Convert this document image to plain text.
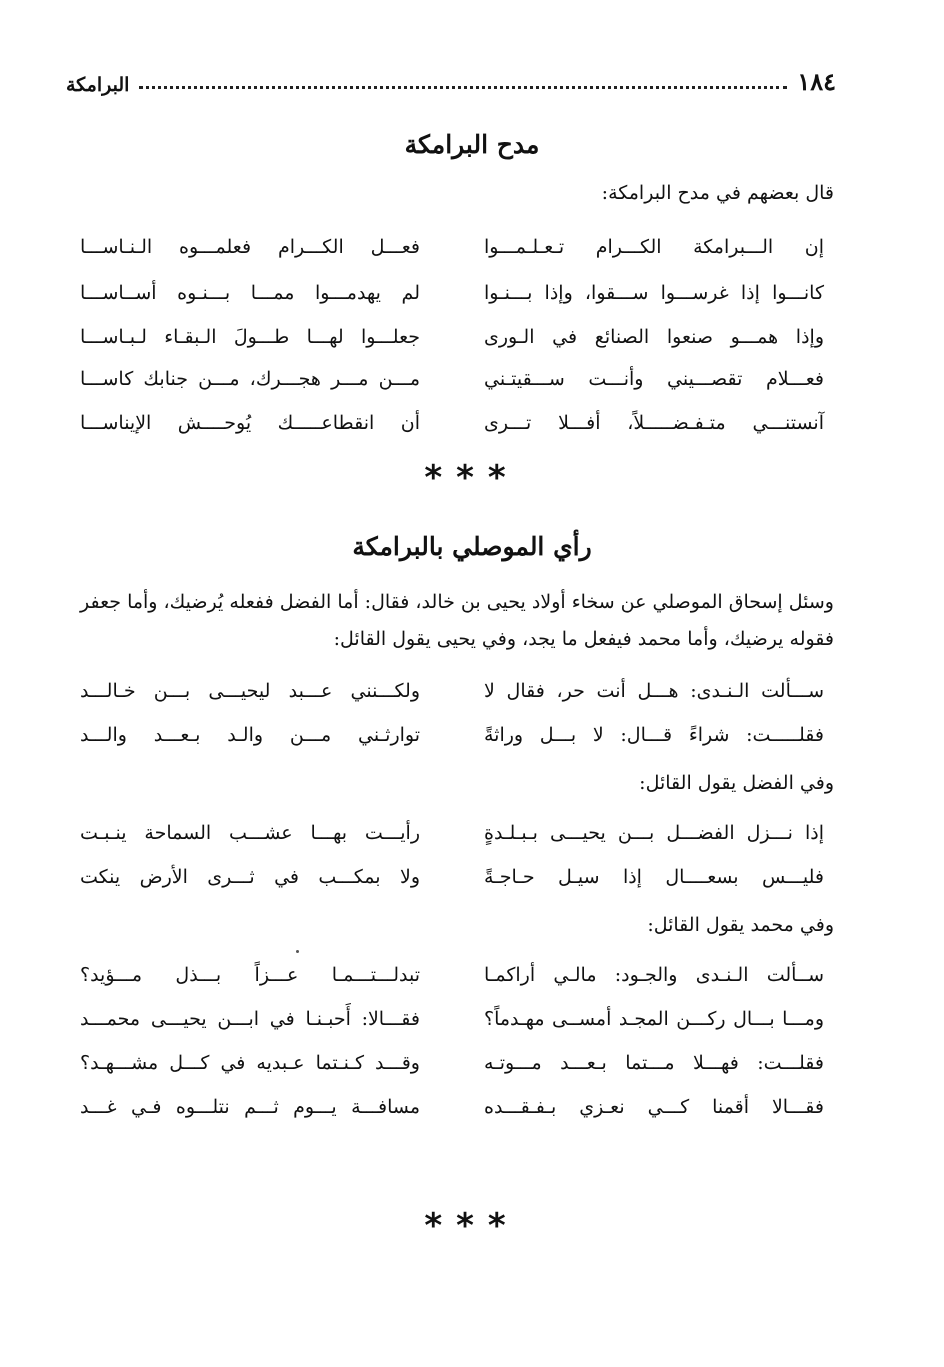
١٨٤
البرامكة
مدح البرامكة
قال بعضهم في مدح البرامكة:
إن الـــبرامكة الكـــرام تـعـلـمـــوا
فعـــل الكـــرام فعلمـــوه الـنـاســـا
كانـــوا إذا غرســـوا ســـقوا، وإذا بـــنـوا
لم يهدمـــوا ممـــا بـــنـوه أســاســـا
وإذا همـــو صنعوا الصنائع في الـورى
جعلـــوا لهـــا طـــولَ الـبقـاء لـبـاســـا
فعـــلام تقصـــيني وأنـــت ســـقيتـني
مـــن مـــر هجـــرك، مـــن جنابك كاســـا
آنستنـــي متـفـضـــــلاً، أفـــلا تـــرى
أن انقطاعـــــك يُوحــــش الإيناســـا
***
رأي الموصلي بالبرامكة

وسئل إسحاق الموصلي عن سخاء أولاد يحيى بن خالد، فقال: أما الفضل ففعله يُرضيك، وأما جعفر فقوله يرضيك، وأما محمد فيفعل ما يجد، وفي يحيى يقول القائل:

ســـألت الـنـدى: هـــل أنت حر، فقال لا
ولكـــنني عـــبد ليحيـــى بـــن خـالـــد
فقلـــــت: شراءً قـــال: لا بـــل وراثةً
توارثـني مـــن والـد بـعـــد والـــد
وفي الفضل يقول القائل:
إذا نـــزل الفضـــل بـــن يحيـــى بـبـلـدةٍ
رأيـــت بهـــا عشـــب السماحة ينـبـت
فليـــس بسعــــال إذا سيـل حـاجـةً
ولا بمكـــب في ثـــرى الأرض ينكت
وفي محمد يقول القائل:
ســألت الـنـدى والجـود: مالـي أراكمـا
تبدلـــتـــمـا عـــزاً بـــذل مـــؤيد؟
ومـــا بـــال ركـــن المجـد أمســى مهـدماً؟
فقـــالا: أَحبـنـا في ابـــن يحيـــى محمـــد
فقلـــت: فهـــلا مـــتما بـعـــد مـــوتـه
وقـــد كـنـتما عـبديه في كـــل مشـــهـد؟
فقـــالا أقمنا كـــي نعـزي بـفـقـــده
مسافـــة يـــوم ثـــم نتلـــوه فـي غـــد
***
